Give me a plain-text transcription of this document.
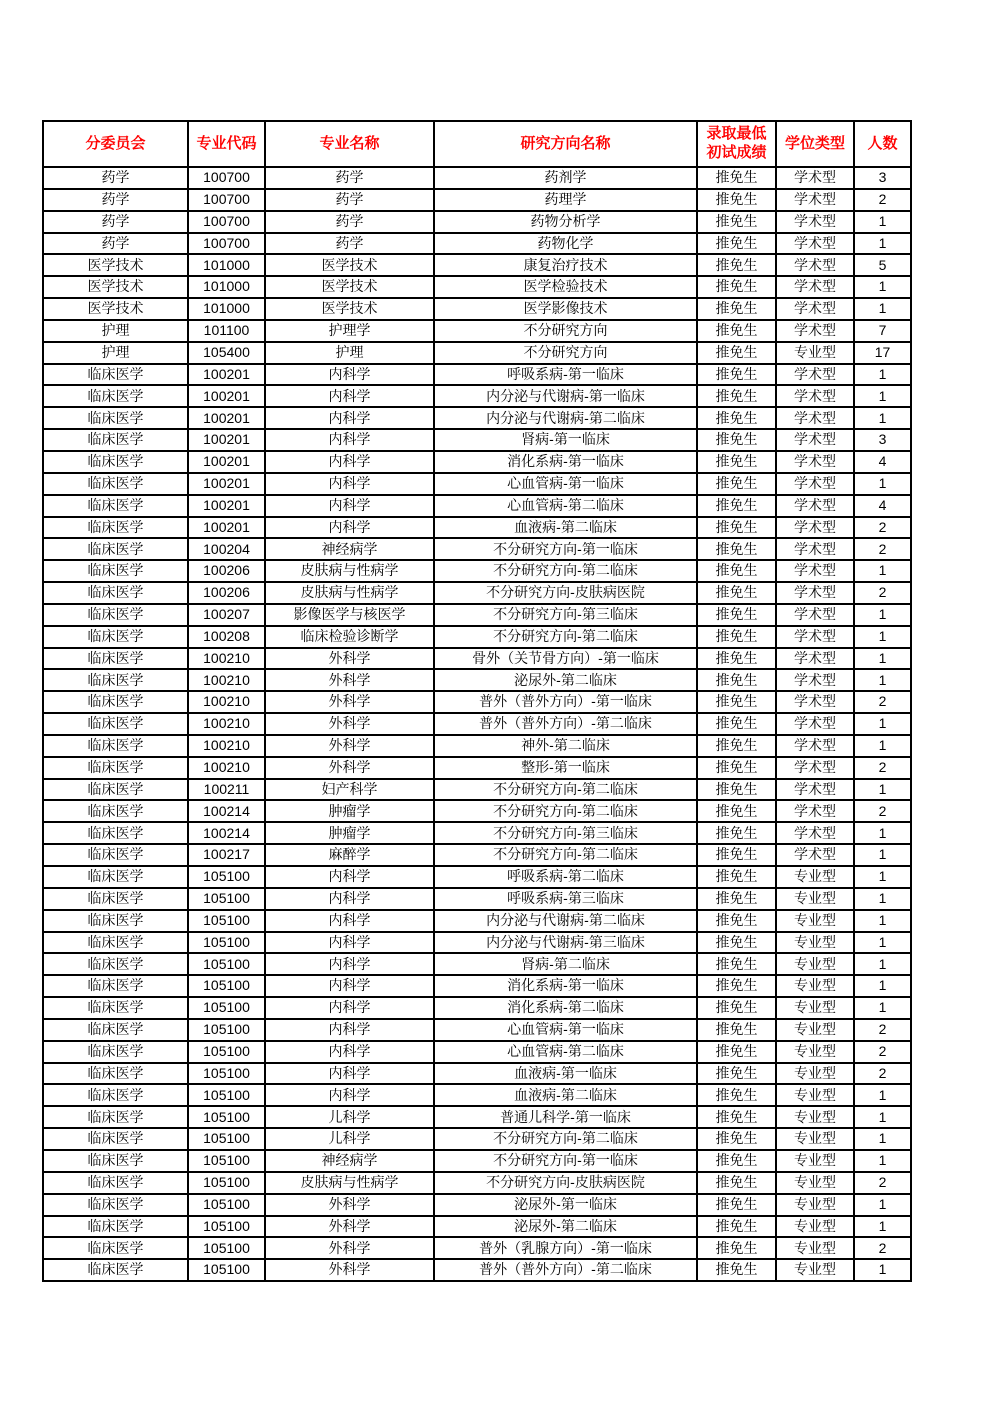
分委员会	专业代码	专业名称	研究方向名称	录取最低初试成绩	学位类型	人数
药学	100700	药学	药剂学	推免生	学术型	3
药学	100700	药学	药理学	推免生	学术型	2
药学	100700	药学	药物分析学	推免生	学术型	1
药学	100700	药学	药物化学	推免生	学术型	1
医学技术	101000	医学技术	康复治疗技术	推免生	学术型	5
医学技术	101000	医学技术	医学检验技术	推免生	学术型	1
医学技术	101000	医学技术	医学影像技术	推免生	学术型	1
护理	101100	护理学	不分研究方向	推免生	学术型	7
护理	105400	护理	不分研究方向	推免生	专业型	17
临床医学	100201	内科学	呼吸系病-第一临床	推免生	学术型	1
临床医学	100201	内科学	内分泌与代谢病-第一临床	推免生	学术型	1
临床医学	100201	内科学	内分泌与代谢病-第二临床	推免生	学术型	1
临床医学	100201	内科学	肾病-第一临床	推免生	学术型	3
临床医学	100201	内科学	消化系病-第一临床	推免生	学术型	4
临床医学	100201	内科学	心血管病-第一临床	推免生	学术型	1
临床医学	100201	内科学	心血管病-第二临床	推免生	学术型	4
临床医学	100201	内科学	血液病-第二临床	推免生	学术型	2
临床医学	100204	神经病学	不分研究方向-第一临床	推免生	学术型	2
临床医学	100206	皮肤病与性病学	不分研究方向-第二临床	推免生	学术型	1
临床医学	100206	皮肤病与性病学	不分研究方向-皮肤病医院	推免生	学术型	2
临床医学	100207	影像医学与核医学	不分研究方向-第三临床	推免生	学术型	1
临床医学	100208	临床检验诊断学	不分研究方向-第二临床	推免生	学术型	1
临床医学	100210	外科学	骨外（关节骨方向）-第一临床	推免生	学术型	1
临床医学	100210	外科学	泌尿外-第二临床	推免生	学术型	1
临床医学	100210	外科学	普外（普外方向）-第一临床	推免生	学术型	2
临床医学	100210	外科学	普外（普外方向）-第二临床	推免生	学术型	1
临床医学	100210	外科学	神外-第二临床	推免生	学术型	1
临床医学	100210	外科学	整形-第一临床	推免生	学术型	2
临床医学	100211	妇产科学	不分研究方向-第二临床	推免生	学术型	1
临床医学	100214	肿瘤学	不分研究方向-第二临床	推免生	学术型	2
临床医学	100214	肿瘤学	不分研究方向-第三临床	推免生	学术型	1
临床医学	100217	麻醉学	不分研究方向-第二临床	推免生	学术型	1
临床医学	105100	内科学	呼吸系病-第二临床	推免生	专业型	1
临床医学	105100	内科学	呼吸系病-第三临床	推免生	专业型	1
临床医学	105100	内科学	内分泌与代谢病-第二临床	推免生	专业型	1
临床医学	105100	内科学	内分泌与代谢病-第三临床	推免生	专业型	1
临床医学	105100	内科学	肾病-第二临床	推免生	专业型	1
临床医学	105100	内科学	消化系病-第一临床	推免生	专业型	1
临床医学	105100	内科学	消化系病-第二临床	推免生	专业型	1
临床医学	105100	内科学	心血管病-第一临床	推免生	专业型	2
临床医学	105100	内科学	心血管病-第二临床	推免生	专业型	2
临床医学	105100	内科学	血液病-第一临床	推免生	专业型	2
临床医学	105100	内科学	血液病-第二临床	推免生	专业型	1
临床医学	105100	儿科学	普通儿科学-第一临床	推免生	专业型	1
临床医学	105100	儿科学	不分研究方向-第二临床	推免生	专业型	1
临床医学	105100	神经病学	不分研究方向-第一临床	推免生	专业型	1
临床医学	105100	皮肤病与性病学	不分研究方向-皮肤病医院	推免生	专业型	2
临床医学	105100	外科学	泌尿外-第一临床	推免生	专业型	1
临床医学	105100	外科学	泌尿外-第二临床	推免生	专业型	1
临床医学	105100	外科学	普外（乳腺方向）-第一临床	推免生	专业型	2
临床医学	105100	外科学	普外（普外方向）-第二临床	推免生	专业型	1
